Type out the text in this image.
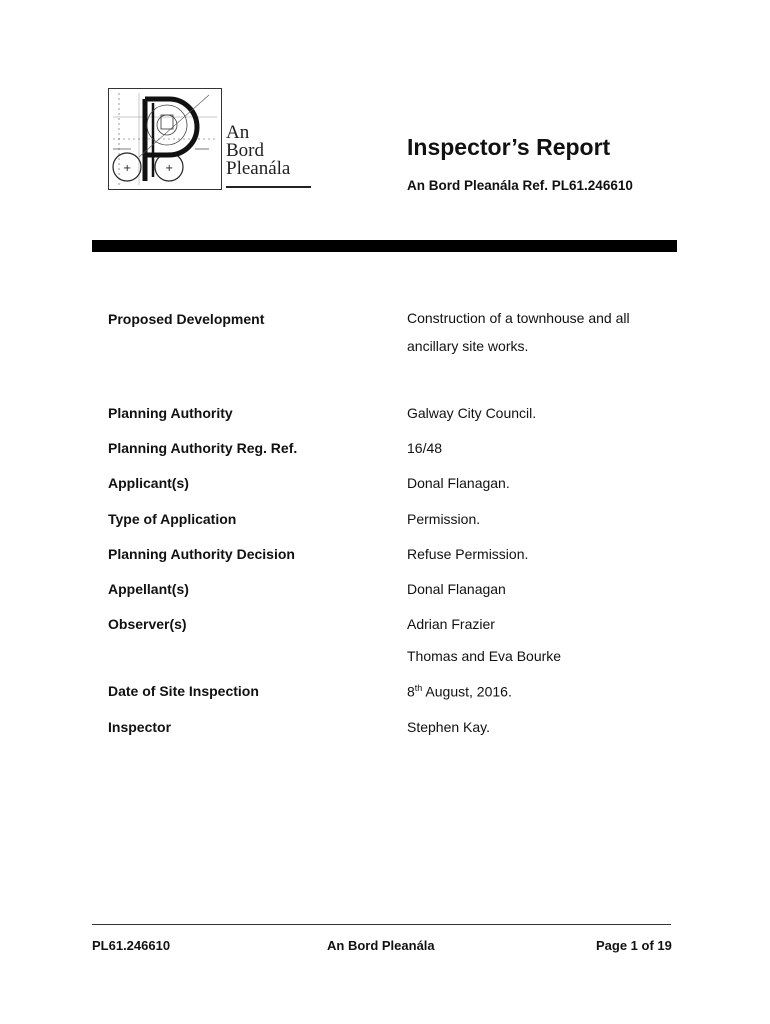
+	+
An
Bord
Pleanála
Inspector’s Report
An Bord Pleanála Ref. PL61.246610
Proposed Development	Construction of a townhouse and all ancillary site works.
Planning Authority	Galway City Council.
Planning Authority Reg. Ref.	16/48
Applicant(s)	Donal Flanagan.
Type of Application	Permission.
Planning Authority Decision	Refuse Permission.
Appellant(s)	Donal Flanagan
Observer(s)	Adrian Frazier
Thomas and Eva Bourke
Date of Site Inspection	8th August, 2016.
Inspector	Stephen Kay.
PL61.246610	An Bord Pleanála	Page 1 of 19
